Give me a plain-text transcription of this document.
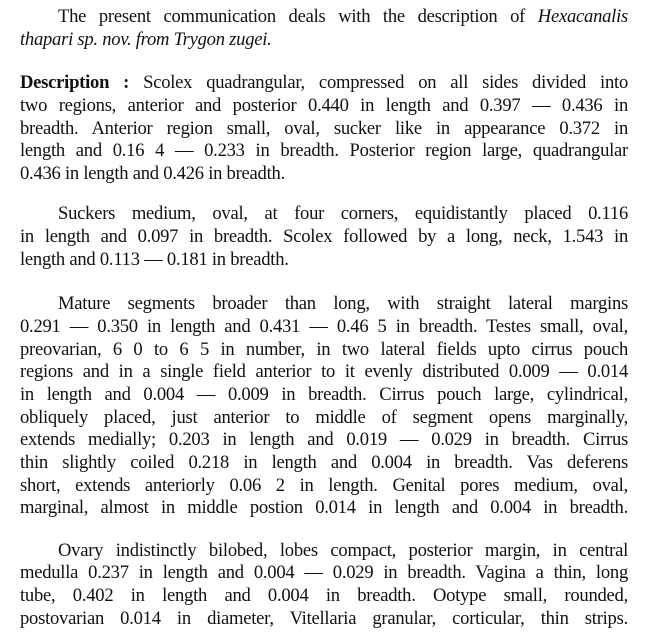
The present communication deals with the description of Hexacanalis
thapari sp. nov. from Trygon zugei.
Description : Scolex quadrangular, compressed on all sides divided into
two regions, anterior and posterior 0.440 in length and 0.397 — 0.436 in
breadth. Anterior region small, oval, sucker like in appearance 0.372 in
length and 0.16 4 — 0.233 in breadth. Posterior region large, quadrangular
0.436 in length and 0.426 in breadth.
Suckers medium, oval, at four corners, equidistantly placed 0.116
in length and 0.097 in breadth. Scolex followed by a long, neck, 1.543 in
length and 0.113 — 0.181 in breadth.
Mature segments broader than long, with straight lateral margins
0.291 — 0.350 in length and 0.431 — 0.46 5 in breadth. Testes small, oval,
preovarian, 6 0 to 6 5 in number, in two lateral fields upto cirrus pouch
regions and in a single field anterior to it evenly distributed 0.009 — 0.014
in length and 0.004 — 0.009 in breadth. Cirrus pouch large, cylindrical,
obliquely placed, just anterior to middle of segment opens marginally,
extends medially; 0.203 in length and 0.019 — 0.029 in breadth. Cirrus
thin slightly coiled 0.218 in length and 0.004 in breadth. Vas deferens
short, extends anteriorly 0.06 2 in length. Genital pores medium, oval,
marginal, almost in middle postion 0.014 in length and 0.004 in breadth.
Ovary indistinctly bilobed, lobes compact, posterior margin, in central
medulla 0.237 in length and 0.004 — 0.029 in breadth. Vagina a thin, long
tube, 0.402 in length and 0.004 in breadth. Ootype small, rounded,
postovarian 0.014 in diameter, Vitellaria granular, corticular, thin strips.
